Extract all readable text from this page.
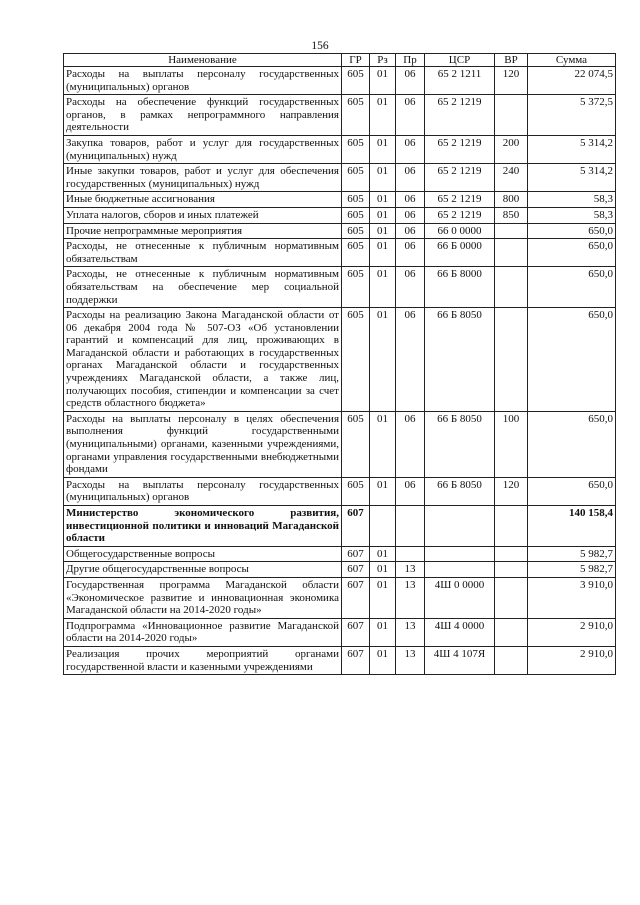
156
Наименование	ГР	Рз	Пр	ЦСР	ВР	Сумма
Расходы на выплаты персоналу государственных (муниципальных) органов	605	01	06	65 2 1211	120	22 074,5
Расходы на обеспечение функций государственных органов, в рамках непрограммного направления деятельности	605	01	06	65 2 1219		5 372,5
Закупка товаров, работ и услуг для государственных (муниципальных) нужд	605	01	06	65 2 1219	200	5 314,2
Иные закупки товаров, работ и услуг для обеспечения государственных (муниципальных) нужд	605	01	06	65 2 1219	240	5 314,2
Иные бюджетные ассигнования	605	01	06	65 2 1219	800	58,3
Уплата налогов, сборов и иных платежей	605	01	06	65 2 1219	850	58,3
Прочие непрограммные мероприятия	605	01	06	66 0 0000		650,0
Расходы, не отнесенные к публичным нормативным обязательствам	605	01	06	66 Б 0000		650,0
Расходы, не отнесенные к публичным нормативным обязательствам на обеспечение мер социальной поддержки	605	01	06	66 Б 8000		650,0
Расходы на реализацию Закона Магаданской области от 06 декабря 2004 года № 507-ОЗ «Об установлении гарантий и компенсаций для лиц, проживающих в Магаданской области и работающих в государственных органах Магаданской области и государственных учреждениях Магаданской области, а также лиц, получающих пособия, стипендии и компенсации за счет средств областного бюджета»	605	01	06	66 Б 8050		650,0
Расходы на выплаты персоналу в целях обеспечения выполнения функций государственными (муниципальными) органами, казенными учреждениями, органами управления государственными внебюджетными фондами	605	01	06	66 Б 8050	100	650,0
Расходы на выплаты персоналу государственных (муниципальных) органов	605	01	06	66 Б 8050	120	650,0
Министерство экономического развития, инвестиционной политики и инноваций Магаданской области	607					140 158,4
Общегосударственные вопросы	607	01				5 982,7
Другие общегосударственные вопросы	607	01	13			5 982,7
Государственная программа Магаданской области «Экономическое развитие и инновационная экономика Магаданской области на 2014-2020 годы»	607	01	13	4Ш 0 0000		3 910,0
Подпрограмма «Инновационное развитие Магаданской области на 2014-2020 годы»	607	01	13	4Ш 4 0000		2 910,0
Реализация прочих мероприятий органами государственной власти и казенными учреждениями	607	01	13	4Ш 4 107Я		2 910,0
